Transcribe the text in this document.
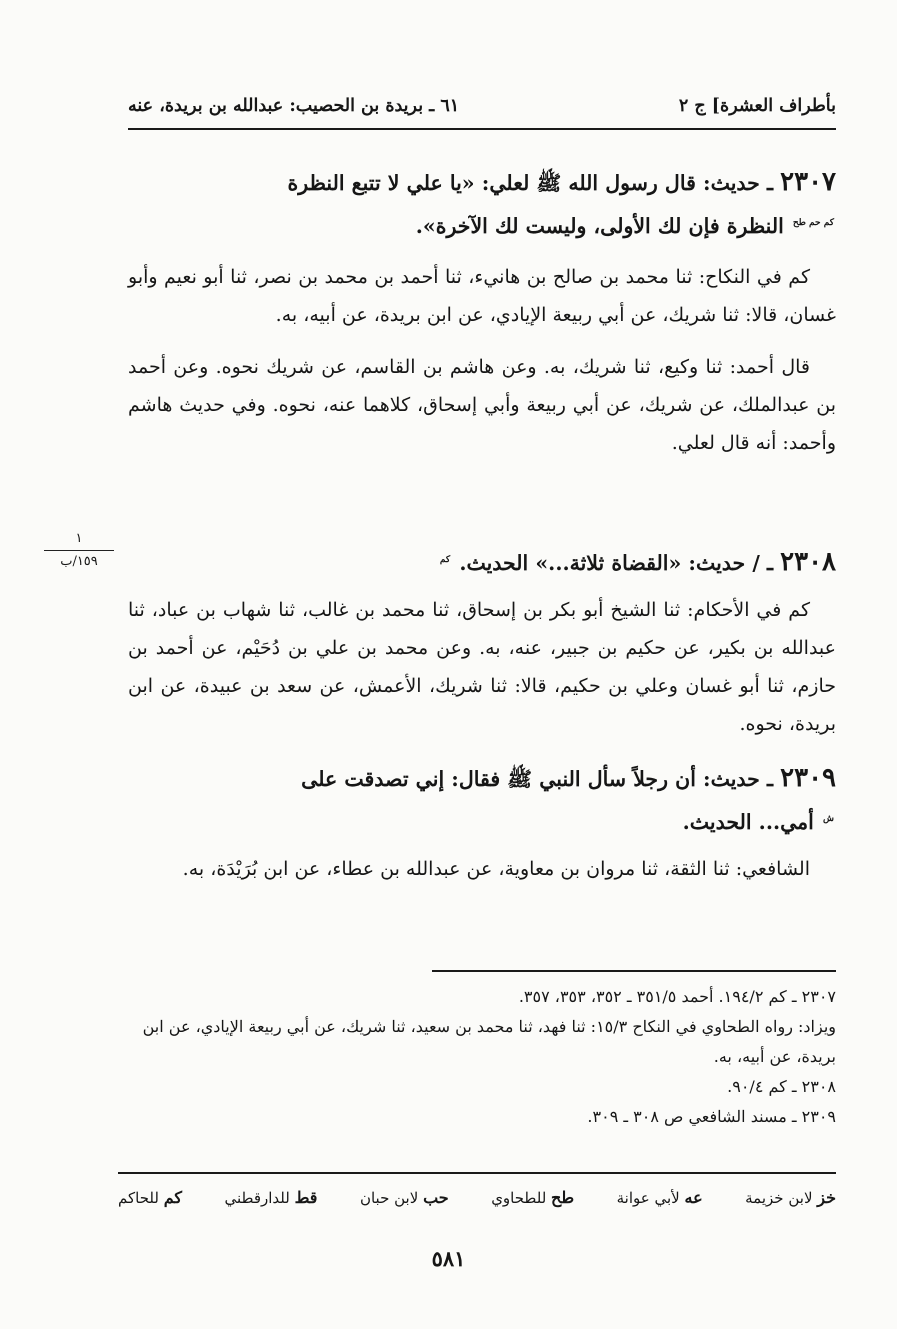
بأطراف العشرة] ج ٢
٦١ ـ بريدة بن الحصيب: عبدالله بن بريدة، عنه
٢٣٠٧ ـ حديث: قال رسول الله ﷺ لعلي: «يا علي لا تتبع النظرة
$^{كم حم طح}$ النظرة فإن لك الأولى، وليست لك الآخرة».

كم في النكاح: ثنا محمد بن صالح بن هانيء، ثنا أحمد بن محمد بن نصر، ثنا أبو نعيم وأبو غسان، قالا: ثنا شريك، عن أبي ربيعة الإيادي، عن ابن بريدة، عن أبيه، به.

قال أحمد: ثنا وكيع، ثنا شريك، به. وعن هاشم بن القاسم، عن شريك نحوه. وعن أحمد بن عبدالملك، عن شريك، عن أبي ربيعة وأبي إسحاق، كلاهما عنه، نحوه. وفي حديث هاشم وأحمد: أنه قال لعلي.

١
١٥٩/ب	٢٣٠٨ ـ / حديث: «القضاة ثلاثة...» الحديث. $^{كم}$

كم في الأحكام: ثنا الشيخ أبو بكر بن إسحاق، ثنا محمد بن غالب، ثنا شهاب بن عباد، ثنا عبدالله بن بكير، عن حكيم بن جبير، عنه، به. وعن محمد بن علي بن دُحَيْم، عن أحمد بن حازم، ثنا أبو غسان وعلي بن حكيم، قالا: ثنا شريك، الأعمش، عن سعد بن عبيدة، عن ابن بريدة، نحوه.

٢٣٠٩ ـ حديث: أن رجلاً سأل النبي ﷺ فقال: إني تصدقت على
$^ش$ أمي... الحديث.

الشافعي: ثنا الثقة، ثنا مروان بن معاوية، عن عبدالله بن عطاء، عن ابن بُرَيْدَة، به.

٢٣٠٧ ـ كم ١٩٤/٢. أحمد ٣٥١/٥ ـ ٣٥٢، ٣٥٣، ٣٥٧.
ويزاد: رواه الطحاوي في النكاح ١٥/٣: ثنا فهد، ثنا محمد بن سعيد، ثنا شريك، عن أبي ربيعة الإيادي، عن ابن بريدة، عن أبيه، به.
٢٣٠٨ ـ كم ٩٠/٤.
٢٣٠٩ ـ مسند الشافعي ص ٣٠٨ ـ ٣٠٩.
خز لابن خزيمة
عه لأبي عوانة
طح للطحاوي
حب لابن حبان
قط للدارقطني
كم للحاكم
٥٨١
